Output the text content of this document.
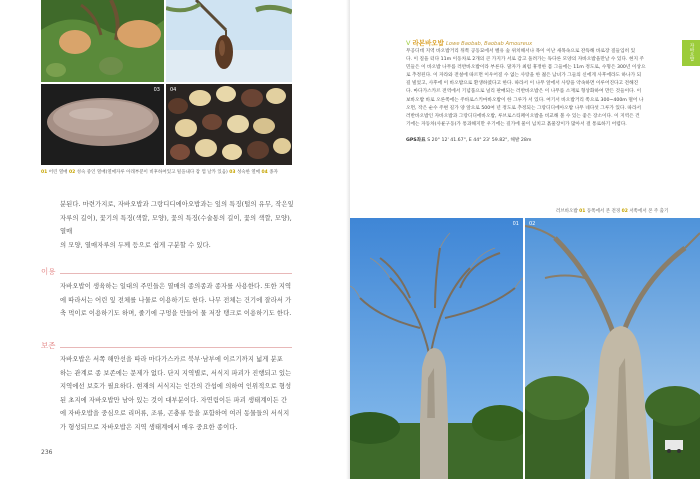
03 04
01 어린 열매 02 성숙 중인 열매(열매자루 아래부분이 비후하여있고 털을내다 잠 껍 날카 있음) 03 성숙한 열매 04 종자
분된다. 마련가지로, 자바오밥과 그랑디디에아오밥과는 잎의 특징(털의 유무, 작은잎
자루의 길이), 꽃기의 특징(색깔, 모양), 꽃의 특징(수술통의 길이, 꽃의 색깔, 모양), 열매
의 모양, 열매자루의 두께 등으로 쉽게 구분할 수 있다.
이용
자바오밥이 생육하는 일대의 주민들은 열매의 종의종과 종자를 사용한다. 또한 지역
에 따라서는 어린 잎 전체를 나물로 이용하기도 한다. 나무 전체는 건기에 잘라서 가
축 먹이로 이용하기도 하며, 줄기에 구멍을 만들어 물 저장 탱크로 이용하기도 한다.
보존
자바오밥은 서쪽 해안선을 따라 마다가스카르 북부·남부에 이르기까지 넓게 분포
하는 관계로 종 보존에는 문제가 없다. 단지 지역별로, 서식지 파괴가 진행되고 있는
지역에선 보호가 필요하다. 현재의 서식지는 인간의 간섭에 의하여 인위적으로 형성
된 초지에 자바오밥만 남아 있는 것이 대부분이다. 자연림이든 파괴 생태계이든 간
에 자바오밥을 중심으로 리머류, 조류, 곤충류 등을 포함하여 여러 동물들의 서식지
가 형성되므로 자바오밥은 지역 생태계에서 매우 중요한 종이다.
236
V 라본바오밥 Lowe Baobab, Baobab Amoureux
무공디데 지역 바오밥거리 뒤쪽 공동묘에서 벨유 숲 위치해서나 목이 이난 새목속으로 잔뜩해 바로장 질들입히 있
다. 이 질을 터다 11m 이동차로 2개의 큰 가지가 서로 감고 돌려가는 독다른 모양의 자바오밥을만날 수 있다. 현지 주
민들은 이 바오밥 나무를 러반바오밥이라 부른다. 말자가 최럼 휴정한 몸 그들에는 11m 정도로, 수형은 300년 이상으
로 추정된다. 이 자라와 전설에 따르면 이우어질 수 없는 사랑을 한 젊은 남녀가 그들의 신에게 사후에라도 하나가 되
길 빌었고, 사후에 이 바오밥으로 환생하였다고 한다. 따라서 이 나무 앞에서 사랑을 약속하면 이루어진다고 전해진
다. 마다가스카르 전역에서 기념품으로 널리 판매되는 러반바오밥은 이 나무를 소재로 형상화하여 만든 것들이다. 이
보바오밥 바로 오른쪽에는 주바로스키마바오밥이 한 그루가 서 있다. 여기서 바오밥거리 쪽으로 300~400m 떨어 나
오면, 작은 순수 주변 길가 양 앞으로 500여 년 정도로 추정되는 그랑디디에아오밥 나무 네다섯 그루가 있다. 따라서
러반바오밥인 자바오밥과 그랑디디에바오밥, 루브로스티페이오밥을 비교해 볼 수 있는 좋은 장소이다. 이 지역은 건
기에는 자동차(사륜구동)가 통과해지만 우기에는 길가에 물이 넘치고 흙물장이가 많아서 걸 통로하기 어렵다.
GPS좌표 S 20° 12' 41.67", E 44° 23' 59.82", 해발 28m
러브바오밥 01 동쪽에서 본 전경 02 서쪽에서 본 주 출기
01 02
자바오밥
